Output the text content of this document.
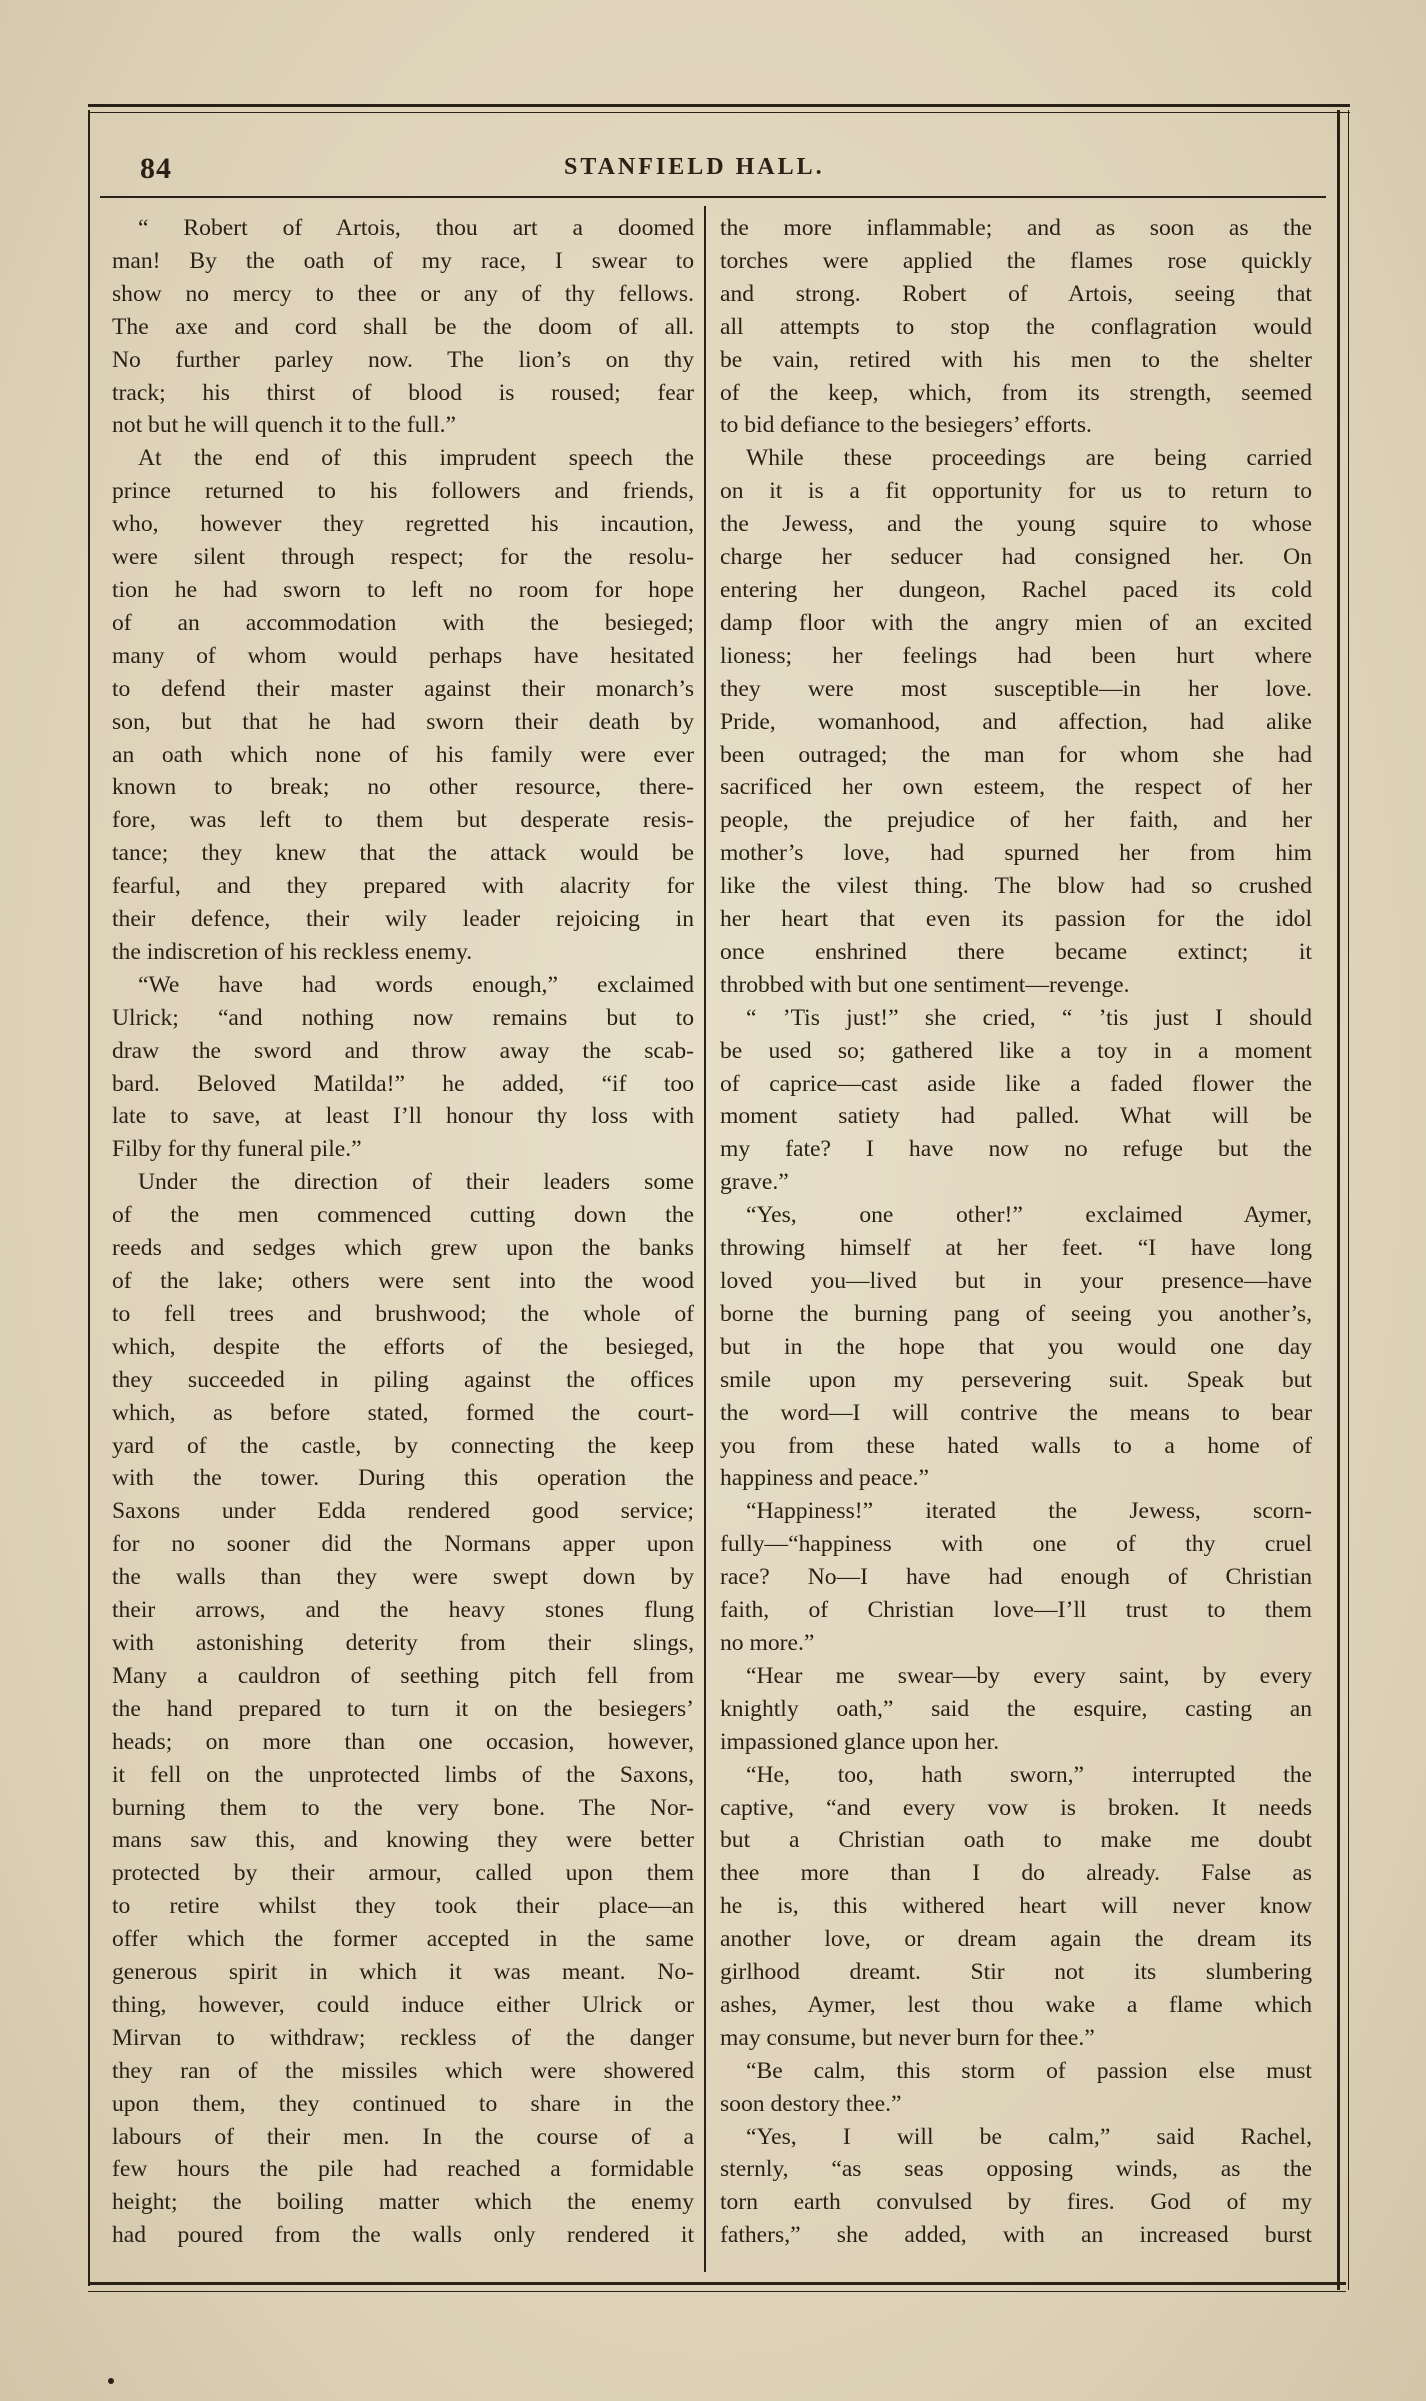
84	STANFIELD HALL.
“ Robert of Artois, thou art a doomed
man! By the oath of my race, I swear to
show no mercy to thee or any of thy fellows.
The axe and cord shall be the doom of all.
No further parley now. The lion’s on thy
track; his thirst of blood is roused; fear
not but he will quench it to the full.”
At the end of this imprudent speech the
prince returned to his followers and friends,
who, however they regretted his incaution,
were silent through respect; for the resolu-
tion he had sworn to left no room for hope
of an accommodation with the besieged;
many of whom would perhaps have hesitated
to defend their master against their monarch’s
son, but that he had sworn their death by
an oath which none of his family were ever
known to break; no other resource, there-
fore, was left to them but desperate resis-
tance; they knew that the attack would be
fearful, and they prepared with alacrity for
their defence, their wily leader rejoicing in
the indiscretion of his reckless enemy.
“We have had words enough,” exclaimed
Ulrick; “and nothing now remains but to
draw the sword and throw away the scab-
bard. Beloved Matilda!” he added, “if too
late to save, at least I’ll honour thy loss with
Filby for thy funeral pile.”
Under the direction of their leaders some
of the men commenced cutting down the
reeds and sedges which grew upon the banks
of the lake; others were sent into the wood
to fell trees and brushwood; the whole of
which, despite the efforts of the besieged,
they succeeded in piling against the offices
which, as before stated, formed the court-
yard of the castle, by connecting the keep
with the tower. During this operation the
Saxons under Edda rendered good service;
for no sooner did the Normans apper upon
the walls than they were swept down by
their arrows, and the heavy stones flung
with astonishing deterity from their slings,
Many a cauldron of seething pitch fell from
the hand prepared to turn it on the besiegers’
heads; on more than one occasion, however,
it fell on the unprotected limbs of the Saxons,
burning them to the very bone. The Nor-
mans saw this, and knowing they were better
protected by their armour, called upon them
to retire whilst they took their place—an
offer which the former accepted in the same
generous spirit in which it was meant. No-
thing, however, could induce either Ulrick or
Mirvan to withdraw; reckless of the danger
they ran of the missiles which were showered
upon them, they continued to share in the
labours of their men. In the course of a
few hours the pile had reached a formidable
height; the boiling matter which the enemy
had poured from the walls only rendered it
the more inflammable; and as soon as the
torches were applied the flames rose quickly
and strong. Robert of Artois, seeing that
all attempts to stop the conflagration would
be vain, retired with his men to the shelter
of the keep, which, from its strength, seemed
to bid defiance to the besiegers’ efforts.
While these proceedings are being carried
on it is a fit opportunity for us to return to
the Jewess, and the young squire to whose
charge her seducer had consigned her. On
entering her dungeon, Rachel paced its cold
damp floor with the angry mien of an excited
lioness; her feelings had been hurt where
they were most susceptible—in her love.
Pride, womanhood, and affection, had alike
been outraged; the man for whom she had
sacrificed her own esteem, the respect of her
people, the prejudice of her faith, and her
mother’s love, had spurned her from him
like the vilest thing. The blow had so crushed
her heart that even its passion for the idol
once enshrined there became extinct; it
throbbed with but one sentiment—revenge.
“ ’Tis just!” she cried, “ ’tis just I should
be used so; gathered like a toy in a moment
of caprice—cast aside like a faded flower the
moment satiety had palled. What will be
my fate? I have now no refuge but the
grave.”
“Yes, one other!” exclaimed Aymer,
throwing himself at her feet. “I have long
loved you—lived but in your presence—have
borne the burning pang of seeing you another’s,
but in the hope that you would one day
smile upon my persevering suit. Speak but
the word—I will contrive the means to bear
you from these hated walls to a home of
happiness and peace.”
“Happiness!” iterated the Jewess, scorn-
fully—“happiness with one of thy cruel
race? No—I have had enough of Christian
faith, of Christian love—I’ll trust to them
no more.”
“Hear me swear—by every saint, by every
knightly oath,” said the esquire, casting an
impassioned glance upon her.
“He, too, hath sworn,” interrupted the
captive, “and every vow is broken. It needs
but a Christian oath to make me doubt
thee more than I do already. False as
he is, this withered heart will never know
another love, or dream again the dream its
girlhood dreamt. Stir not its slumbering
ashes, Aymer, lest thou wake a flame which
may consume, but never burn for thee.”
“Be calm, this storm of passion else must
soon destory thee.”
“Yes, I will be calm,” said Rachel,
sternly, “as seas opposing winds, as the
torn earth convulsed by fires. God of my
fathers,” she added, with an increased burst
